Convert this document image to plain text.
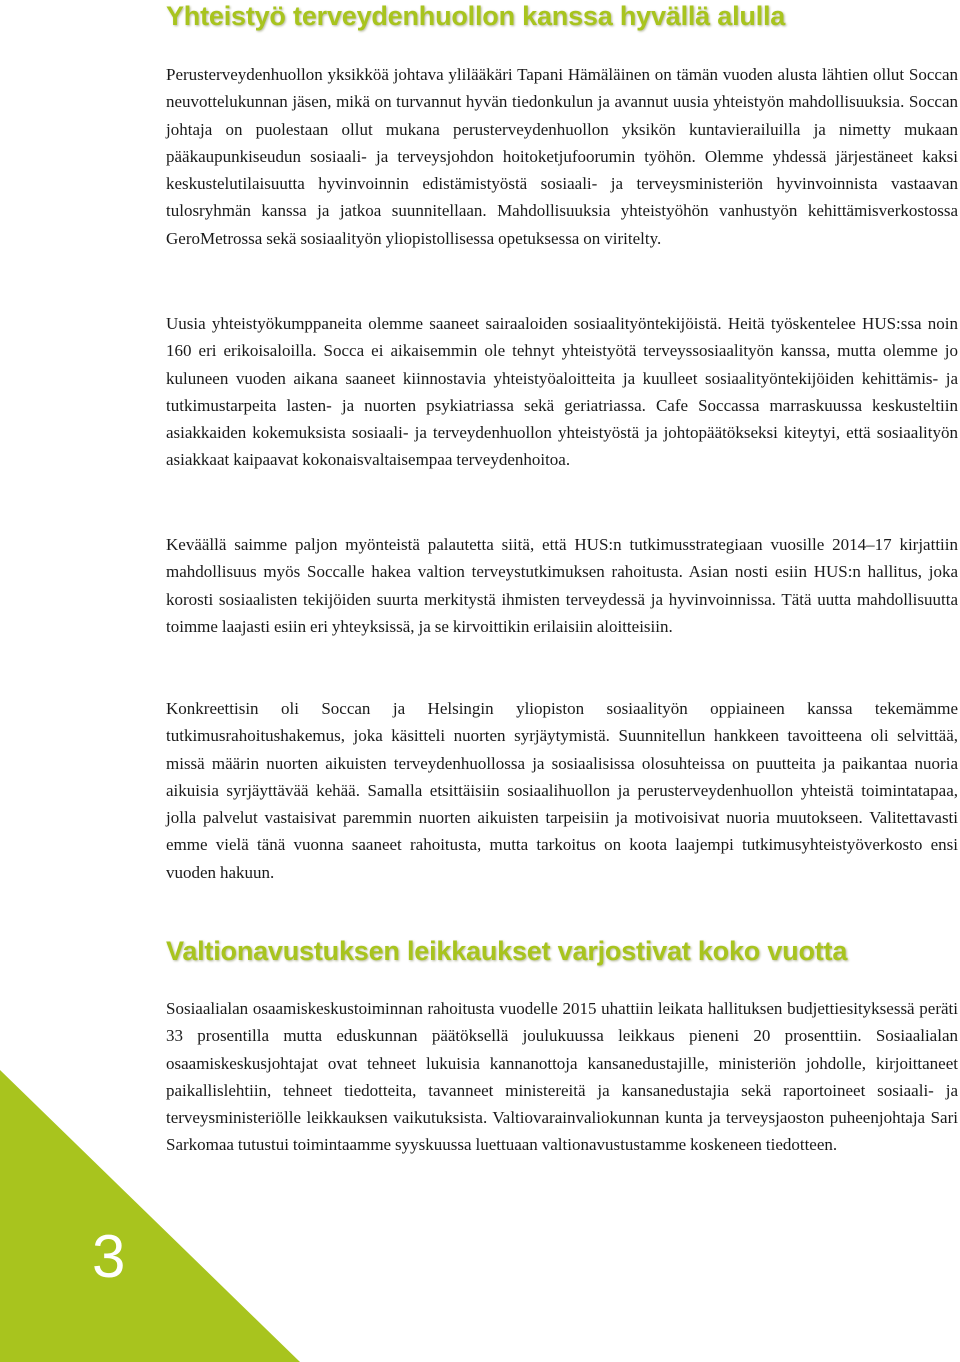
Yhteistyö terveydenhuollon kanssa hyvällä alulla

Perusterveydenhuollon yksikköä johtava ylilääkäri Tapani Hämäläinen on tämän vuoden alusta lähtien ollut Soccan neuvottelukunnan jäsen, mikä on turvannut hyvän tiedonkulun ja avannut uusia yhteistyön mahdollisuuksia. Soccan johtaja on puolestaan ollut mukana perusterveydenhuollon yksikön kuntavierailuilla ja nimetty mukaan pääkaupunkiseudun sosiaali- ja terveysjohdon hoitoketjufoorumin työhön. Olemme yhdessä järjestäneet kaksi keskustelutilaisuutta hyvinvoinnin edistämistyöstä sosiaali- ja terveysministeriön hyvinvoinnista vastaavan tulosryhmän kanssa ja jatkoa suunnitellaan. Mahdollisuuksia yhteistyöhön vanhustyön kehittämisverkostossa GeroMetrossa sekä sosiaalityön yliopistollisessa opetuksessa on viritelty.

Uusia yhteistyökumppaneita olemme saaneet sairaaloiden sosiaalityöntekijöistä. Heitä työskentelee HUS:ssa noin 160 eri erikoisaloilla. Socca ei aikaisemmin ole tehnyt yhteistyötä terveyssosiaalityön kanssa, mutta olemme jo kuluneen vuoden aikana saaneet kiinnostavia yhteistyöaloitteita ja kuulleet sosiaalityöntekijöiden kehittämis- ja tutkimustarpeita lasten- ja nuorten psykiatriassa sekä geriatriassa. Cafe Soccassa marraskuussa keskusteltiin asiakkaiden kokemuksista sosiaali- ja terveydenhuollon yhteistyöstä ja johtopäätökseksi kiteytyi, että sosiaalityön asiakkaat kaipaavat kokonaisvaltaisempaa terveydenhoitoa.

Keväällä saimme paljon myönteistä palautetta siitä, että HUS:n tutkimusstrategiaan vuosille 2014–17 kirjattiin mahdollisuus myös Soccalle hakea valtion terveystutkimuksen rahoitusta. Asian nosti esiin HUS:n hallitus, joka korosti sosiaalisten tekijöiden suurta merkitystä ihmisten terveydessä ja hyvinvoinnissa. Tätä uutta mahdollisuutta toimme laajasti esiin eri yhteyksissä, ja se kirvoittikin erilaisiin aloitteisiin.

Konkreettisin oli Soccan ja Helsingin yliopiston sosiaalityön oppiaineen kanssa tekemämme tutkimusrahoitushakemus, joka käsitteli nuorten syrjäytymistä. Suunnitellun hankkeen tavoitteena oli selvittää, missä määrin nuorten aikuisten terveydenhuollossa ja sosiaalisissa olosuhteissa on puutteita ja paikantaa nuoria aikuisia syrjäyttävää kehää. Samalla etsittäisiin sosiaalihuollon ja perusterveydenhuollon yhteistä toimintatapaa, jolla palvelut vastaisivat paremmin nuorten aikuisten tarpeisiin ja motivoisivat nuoria muutokseen. Valitettavasti emme vielä tänä vuonna saaneet rahoitusta, mutta tarkoitus on koota laajempi tutkimusyhteistyöverkosto ensi vuoden hakuun.

Valtionavustuksen leikkaukset varjostivat koko vuotta

Sosiaalialan osaamiskeskustoiminnan rahoitusta vuodelle 2015 uhattiin leikata hallituksen budjettiesityksessä peräti 33 prosentilla mutta eduskunnan päätöksellä joulukuussa leikkaus pieneni 20 prosenttiin. Sosiaalialan osaamiskeskusjohtajat ovat tehneet lukuisia kannanottoja kansanedustajille, ministeriön johdolle, kirjoittaneet paikallislehtiin, tehneet tiedotteita, tavanneet ministereitä ja kansanedustajia sekä raportoineet sosiaali- ja terveysministeriölle leikkauksen vaikutuksista. Valtiovarainvaliokunnan kunta ja terveysjaoston puheenjohtaja Sari Sarkomaa tutustui toimintaamme syyskuussa luettuaan valtionavustustamme koskeneen tiedotteen.

3
